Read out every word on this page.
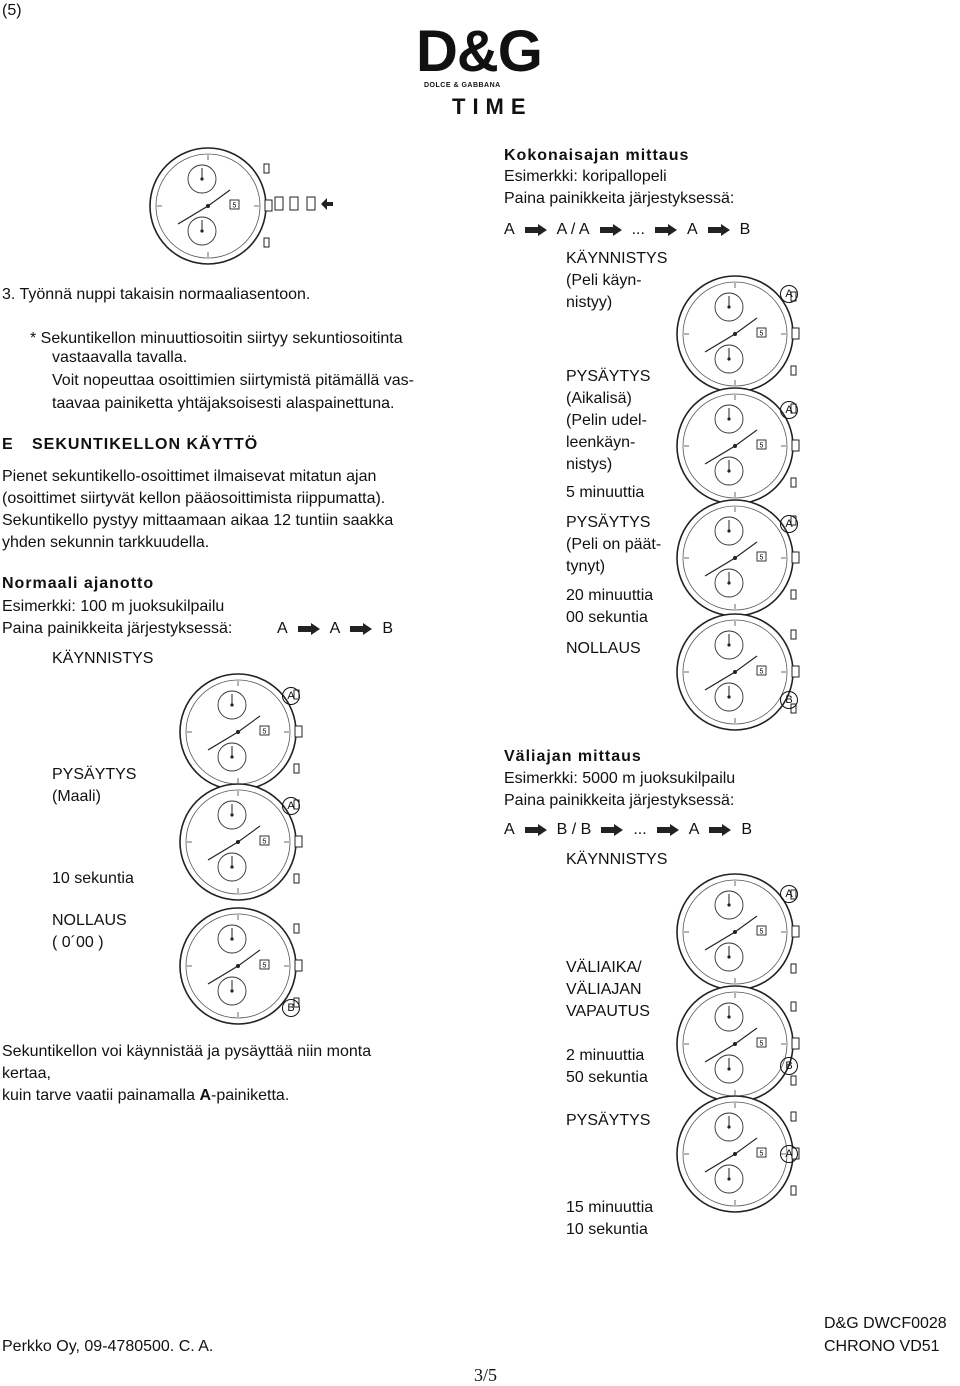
(5)
D&G
DOLCE & GABBANA
TIME
3. Työnnä nuppi takaisin normaaliasentoon.
* Sekuntikellon minuuttiosoitin siirtyy sekuntiosoitinta
vastaavalla tavalla.
Voit nopeuttaa osoittimien siirtymistä pitämällä vas-
taavaa painiketta yhtäjaksoisesti alaspainettuna.
E SEKUNTIKELLON KÄYTTÖ
Pienet sekuntikello-osoittimet ilmaisevat mitatun ajan
(osoittimet siirtyvät kellon pääosoittimista riippumatta).
Sekuntikello pystyy mittaamaan aikaa 12 tuntiin saakka
yhden sekunnin tarkkuudella.
Normaali ajanotto
Esimerkki: 100 m juoksukilpailu
Paina painikkeita järjestyksessä:	A	A	B
KÄYNNISTYS
A
PYSÄYTYS
(Maali)
A
10 sekuntia
NOLLAUS
( 0´00 )
B
Sekuntikellon voi käynnistää ja pysäyttää niin monta
kertaa,
kuin tarve vaatii painamalla A-painiketta.
Kokonaisajan mittaus
Esimerkki: koripallopeli
Paina painikkeita järjestyksessä:
A	A / A	...	A	B
KÄYNNISTYS
(Peli käyn-
nistyy)	A
PYSÄYTYS
(Aikalisä)
(Pelin udel-
leenkäyn-
nistys)
A
5 minuuttia
PYSÄYTYS
(Peli on päät-
tynyt)
A
20 minuuttia
00 sekuntia
NOLLAUS
B
Väliajan mittaus
Esimerkki: 5000 m juoksukilpailu
Paina painikkeita järjestyksessä:
A	B / B	...	A	B
KÄYNNISTYS
A
VÄLIAIKA/
VÄLIAJAN
VAPAUTUS
B
2 minuuttia
50 sekuntia
PYSÄYTYS
A
15 minuuttia
10 sekuntia
Perkko Oy, 09-4780500. C. A.
3/5
D&G DWCF0028
CHRONO VD51
